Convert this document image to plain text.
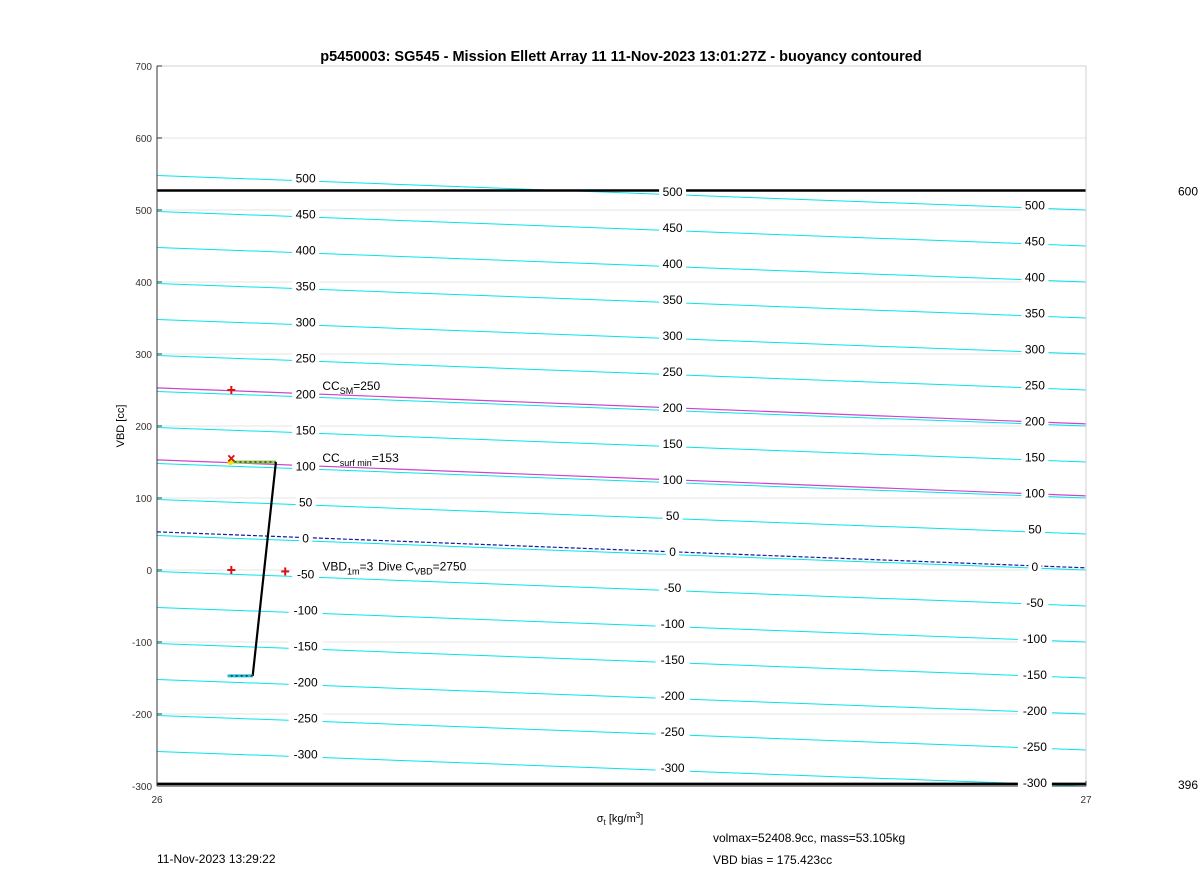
p5450003: SG545 - Mission Ellett Array 11 11-Nov-2023 13:01:27Z - buoyancy contoured
VBD [cc]
$\sigma_t$ $[kg/m^3]$
-300
-200
-100
0
100
200
300
400
500
600
700
26	27
500
450
400
350
300
250
200
150
100
50
0
-50
-100
-150
-200
-250
-300
500
450
400
350
300
250
200
150
100
50
0
-50
-100
-150
-200
-250
-300
500
450
400
350
300
250
200
150
100
50
0
-50
-100
-150
-200
-250
-300
600
396
$CC_{SM}=250$
$CC_{surf min}=153$
$VBD_{1m}=3$ Dive $C_{VBD}=2750$
11-Nov-2023 13:29:22
volmax=52408.9cc, mass=53.105kg
VBD bias = 175.423cc
